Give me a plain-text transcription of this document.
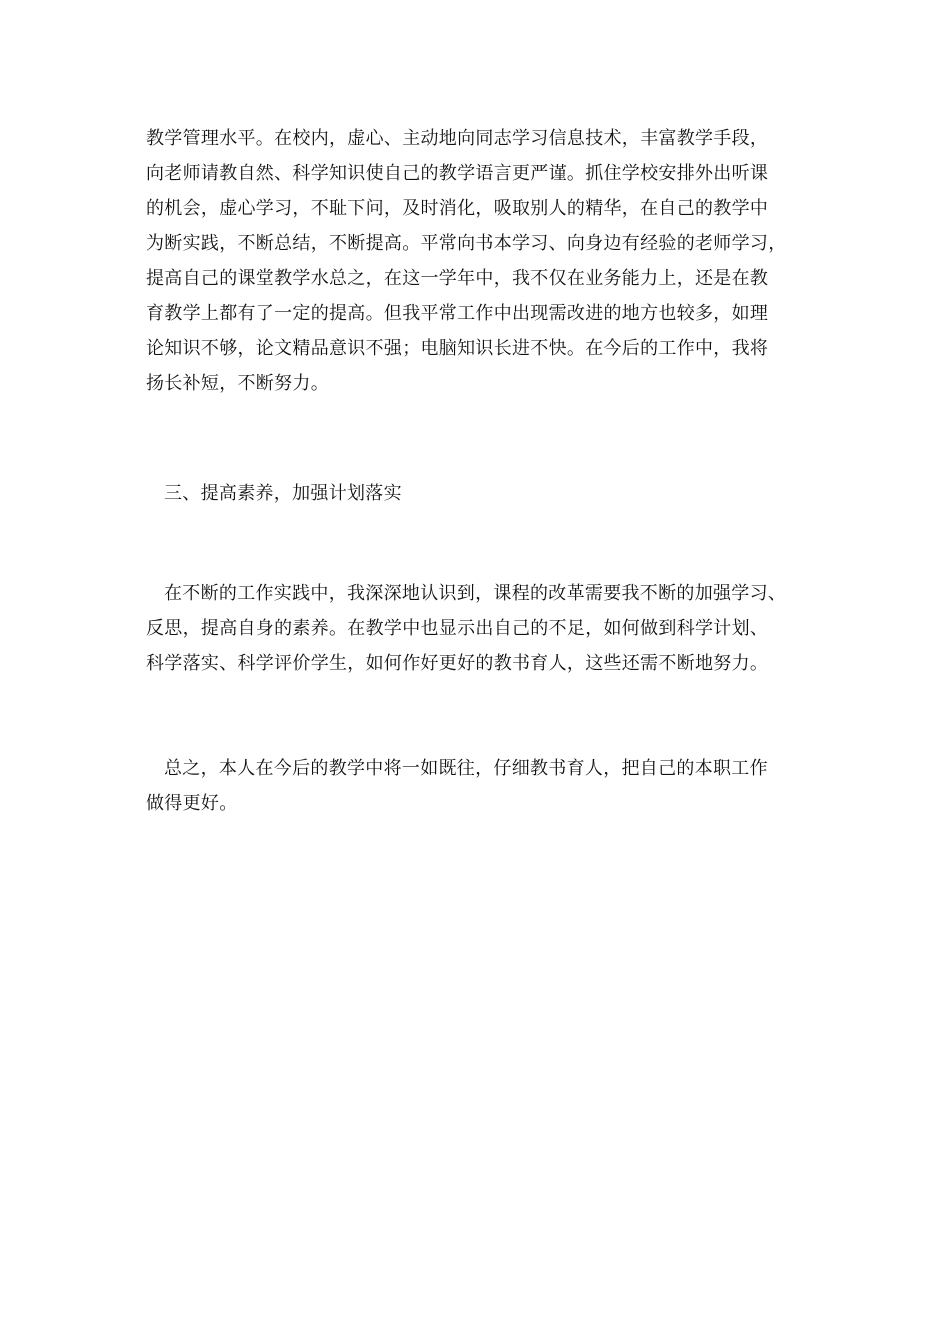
教学管理水平。在校内，虚心、主动地向同志学习信息技术，丰富教学手段，
向老师请教自然、科学知识使自己的教学语言更严谨。抓住学校安排外出听课
的机会，虚心学习，不耻下问，及时消化，吸取别人的精华，在自己的教学中
为断实践，不断总结，不断提高。平常向书本学习、向身边有经验的老师学习，
提高自己的课堂教学水总之，在这一学年中，我不仅在业务能力上，还是在教
育教学上都有了一定的提高。但我平常工作中出现需改进的地方也较多，如理
论知识不够，论文精品意识不强；电脑知识长进不快。在今后的工作中，我将
扬长补短，不断努力。
三、提高素养，加强计划落实
在不断的工作实践中，我深深地认识到，课程的改革需要我不断的加强学习、
反思，提高自身的素养。在教学中也显示出自己的不足，如何做到科学计划、
科学落实、科学评价学生，如何作好更好的教书育人，这些还需不断地努力。
总之，本人在今后的教学中将一如既往，仔细教书育人，把自己的本职工作
做得更好。
